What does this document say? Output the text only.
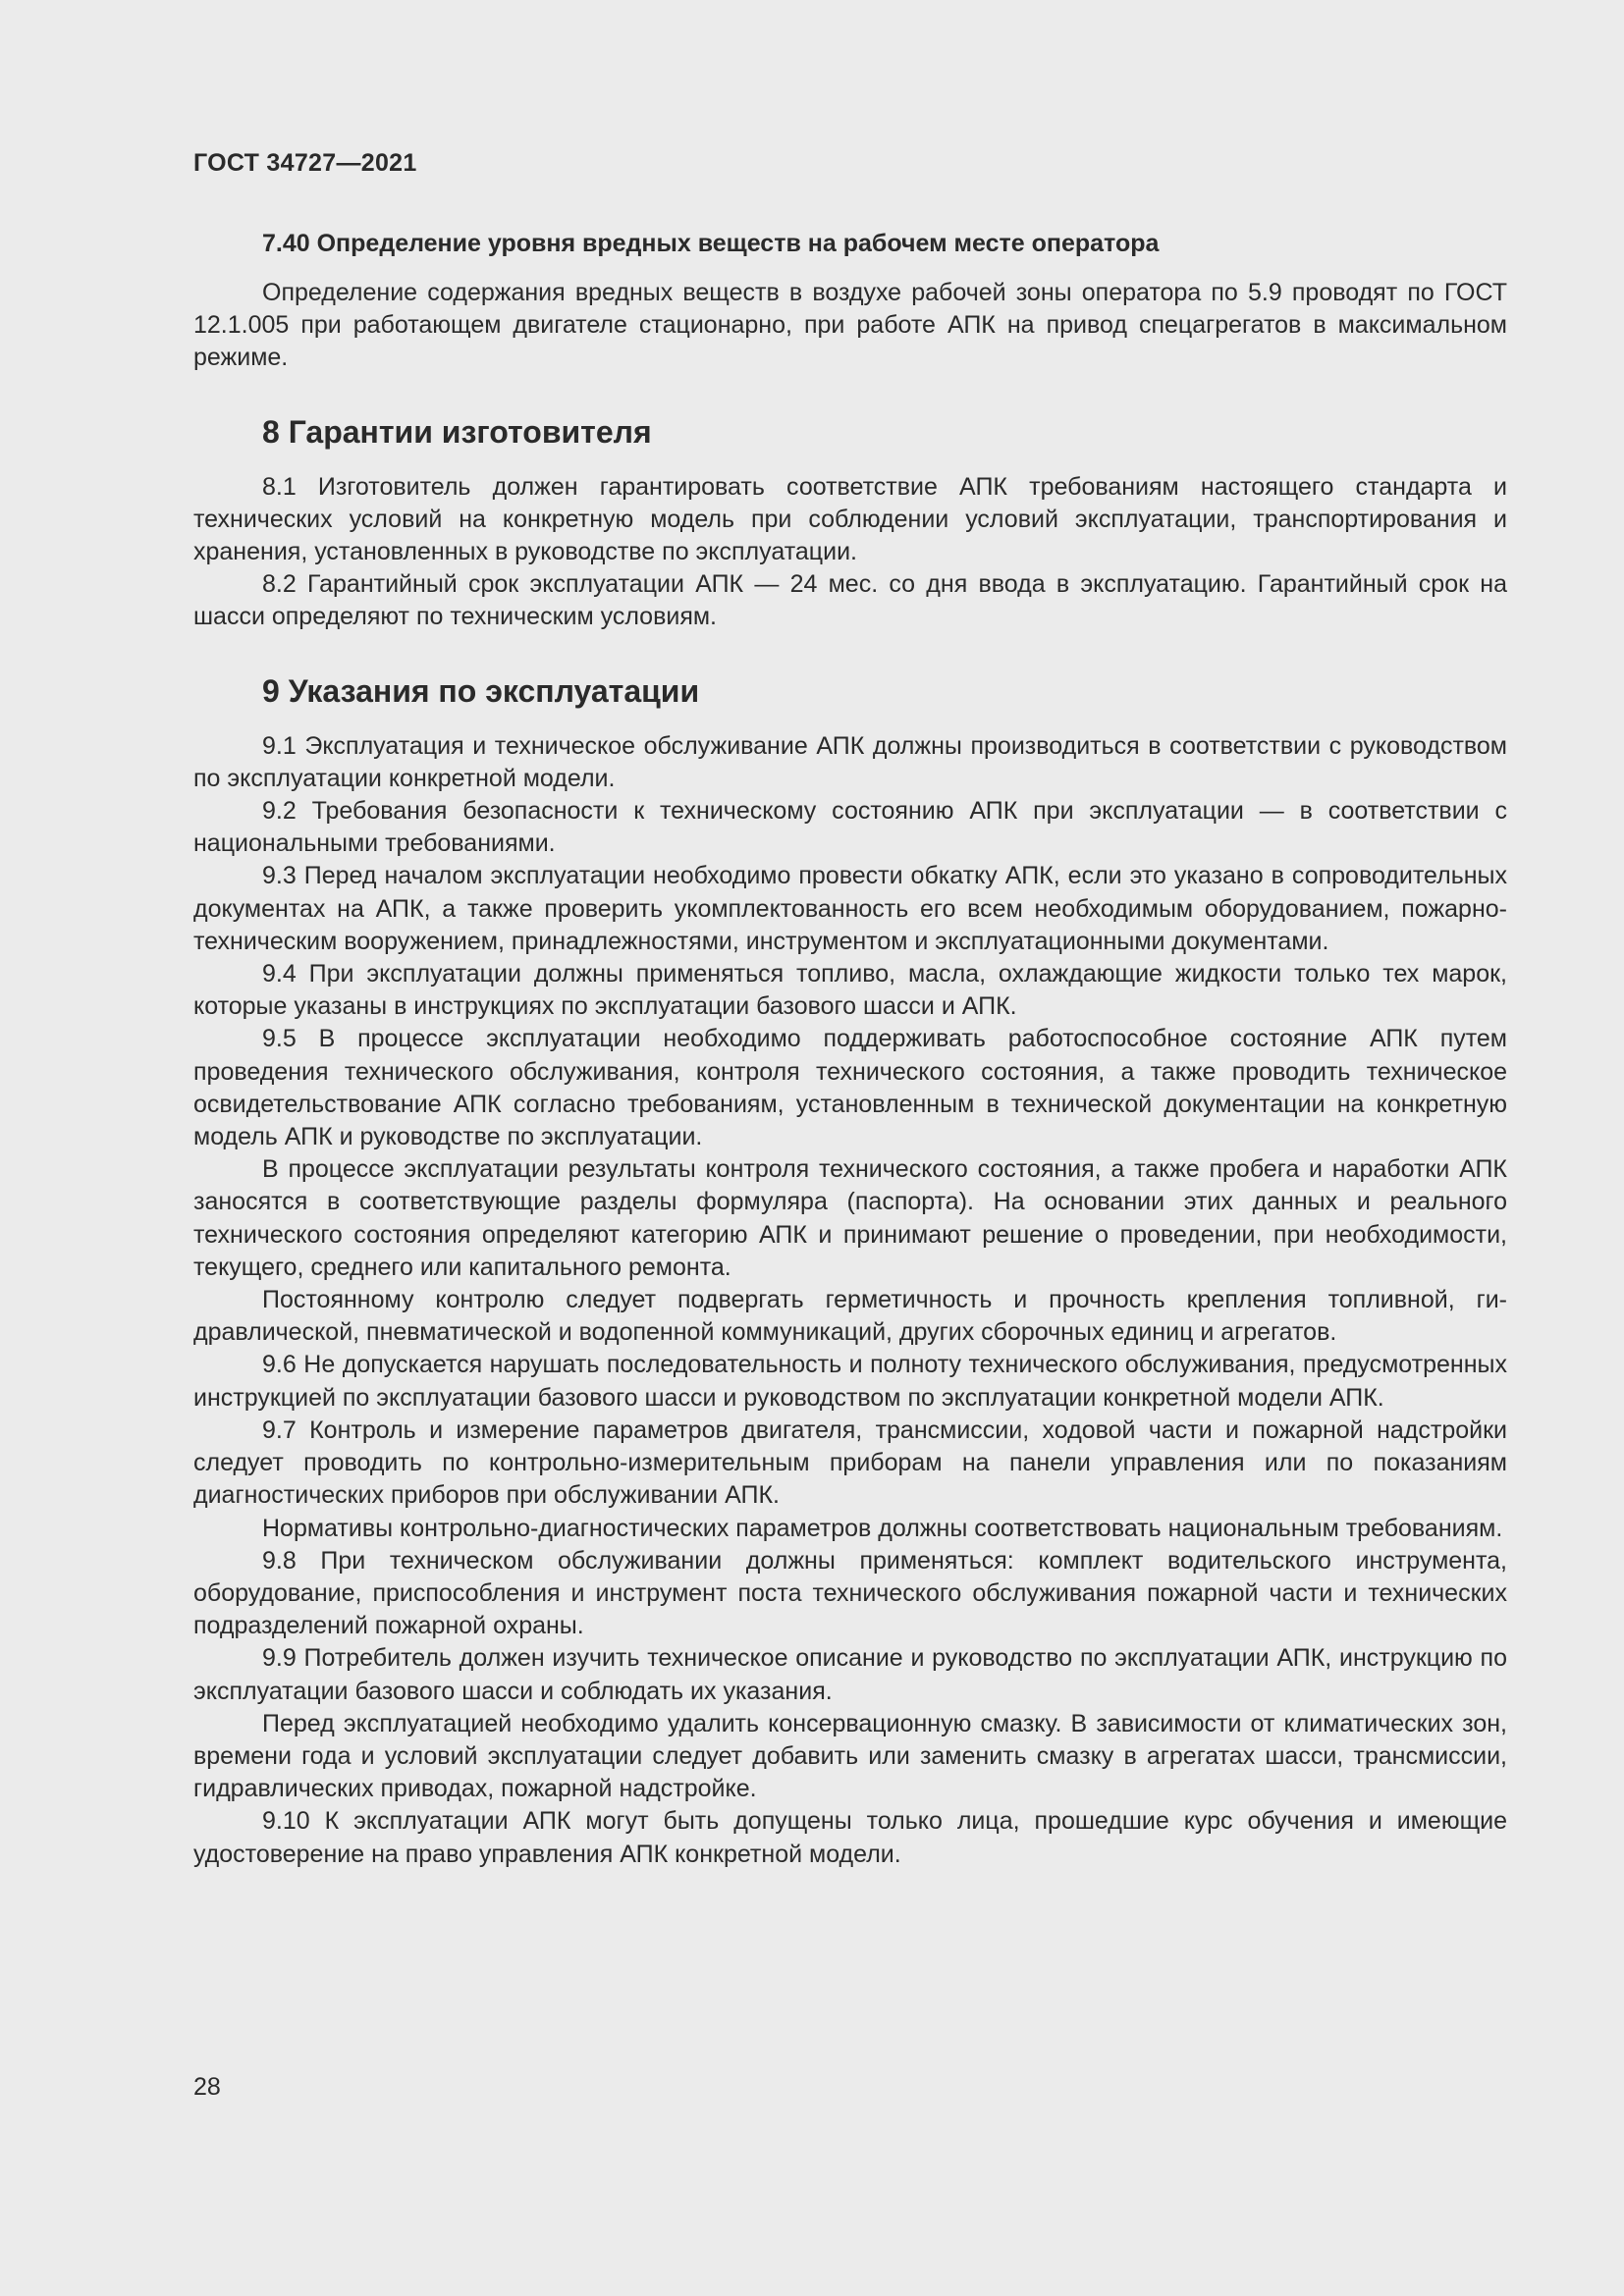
ГОСТ 34727—2021

7.40 Определение уровня вредных веществ на рабочем месте оператора

Определение содержания вредных веществ в воздухе рабочей зоны оператора по 5.9 проводят по ГОСТ 12.1.005 при работающем двигателе стационарно, при работе АПК на привод спецагрегатов в максимальном режиме.

8 Гарантии изготовителя

8.1 Изготовитель должен гарантировать соответствие АПК требованиям настоящего стандарта и технических условий на конкретную модель при соблюдении условий эксплуатации, транспортирования и хранения, установленных в руководстве по эксплуатации.

8.2 Гарантийный срок эксплуатации АПК — 24 мес. со дня ввода в эксплуатацию. Гарантийный срок на шасси определяют по техническим условиям.

9 Указания по эксплуатации

9.1 Эксплуатация и техническое обслуживание АПК должны производиться в соответствии с руководством по эксплуатации конкретной модели.

9.2 Требования безопасности к техническому состоянию АПК при эксплуатации — в соответствии с национальными требованиями.

9.3 Перед началом эксплуатации необходимо провести обкатку АПК, если это указано в сопроводительных документах на АПК, а также проверить укомплектованность его всем необходимым оборудованием, пожарно-техническим вооружением, принадлежностями, инструментом и эксплуатационными документами.

9.4 При эксплуатации должны применяться топливо, масла, охлаждающие жидкости только тех марок, которые указаны в инструкциях по эксплуатации базового шасси и АПК.

9.5 В процессе эксплуатации необходимо поддерживать работоспособное состояние АПК путем проведения технического обслуживания, контроля технического состояния, а также проводить техническое освидетельствование АПК согласно требованиям, установленным в технической документации на конкретную модель АПК и руководстве по эксплуатации.

В процессе эксплуатации результаты контроля технического состояния, а также пробега и наработки АПК заносятся в соответствующие разделы формуляра (паспорта). На основании этих данных и реального технического состояния определяют категорию АПК и принимают решение о проведении, при необходимости, текущего, среднего или капитального ремонта.

Постоянному контролю следует подвергать герметичность и прочность крепления топливной, гидравлической, пневматической и водопенной коммуникаций, других сборочных единиц и агрегатов.

9.6 Не допускается нарушать последовательность и полноту технического обслуживания, предусмотренных инструкцией по эксплуатации базового шасси и руководством по эксплуатации конкретной модели АПК.

9.7 Контроль и измерение параметров двигателя, трансмиссии, ходовой части и пожарной надстройки следует проводить по контрольно-измерительным приборам на панели управления или по показаниям диагностических приборов при обслуживании АПК.

Нормативы контрольно-диагностических параметров должны соответствовать национальным требованиям.

9.8 При техническом обслуживании должны применяться: комплект водительского инструмента, оборудование, приспособления и инструмент поста технического обслуживания пожарной части и технических подразделений пожарной охраны.

9.9 Потребитель должен изучить техническое описание и руководство по эксплуатации АПК, инструкцию по эксплуатации базового шасси и соблюдать их указания.

Перед эксплуатацией необходимо удалить консервационную смазку. В зависимости от климатических зон, времени года и условий эксплуатации следует добавить или заменить смазку в агрегатах шасси, трансмиссии, гидравлических приводах, пожарной надстройке.

9.10 К эксплуатации АПК могут быть допущены только лица, прошедшие курс обучения и имеющие удостоверение на право управления АПК конкретной модели.

28
